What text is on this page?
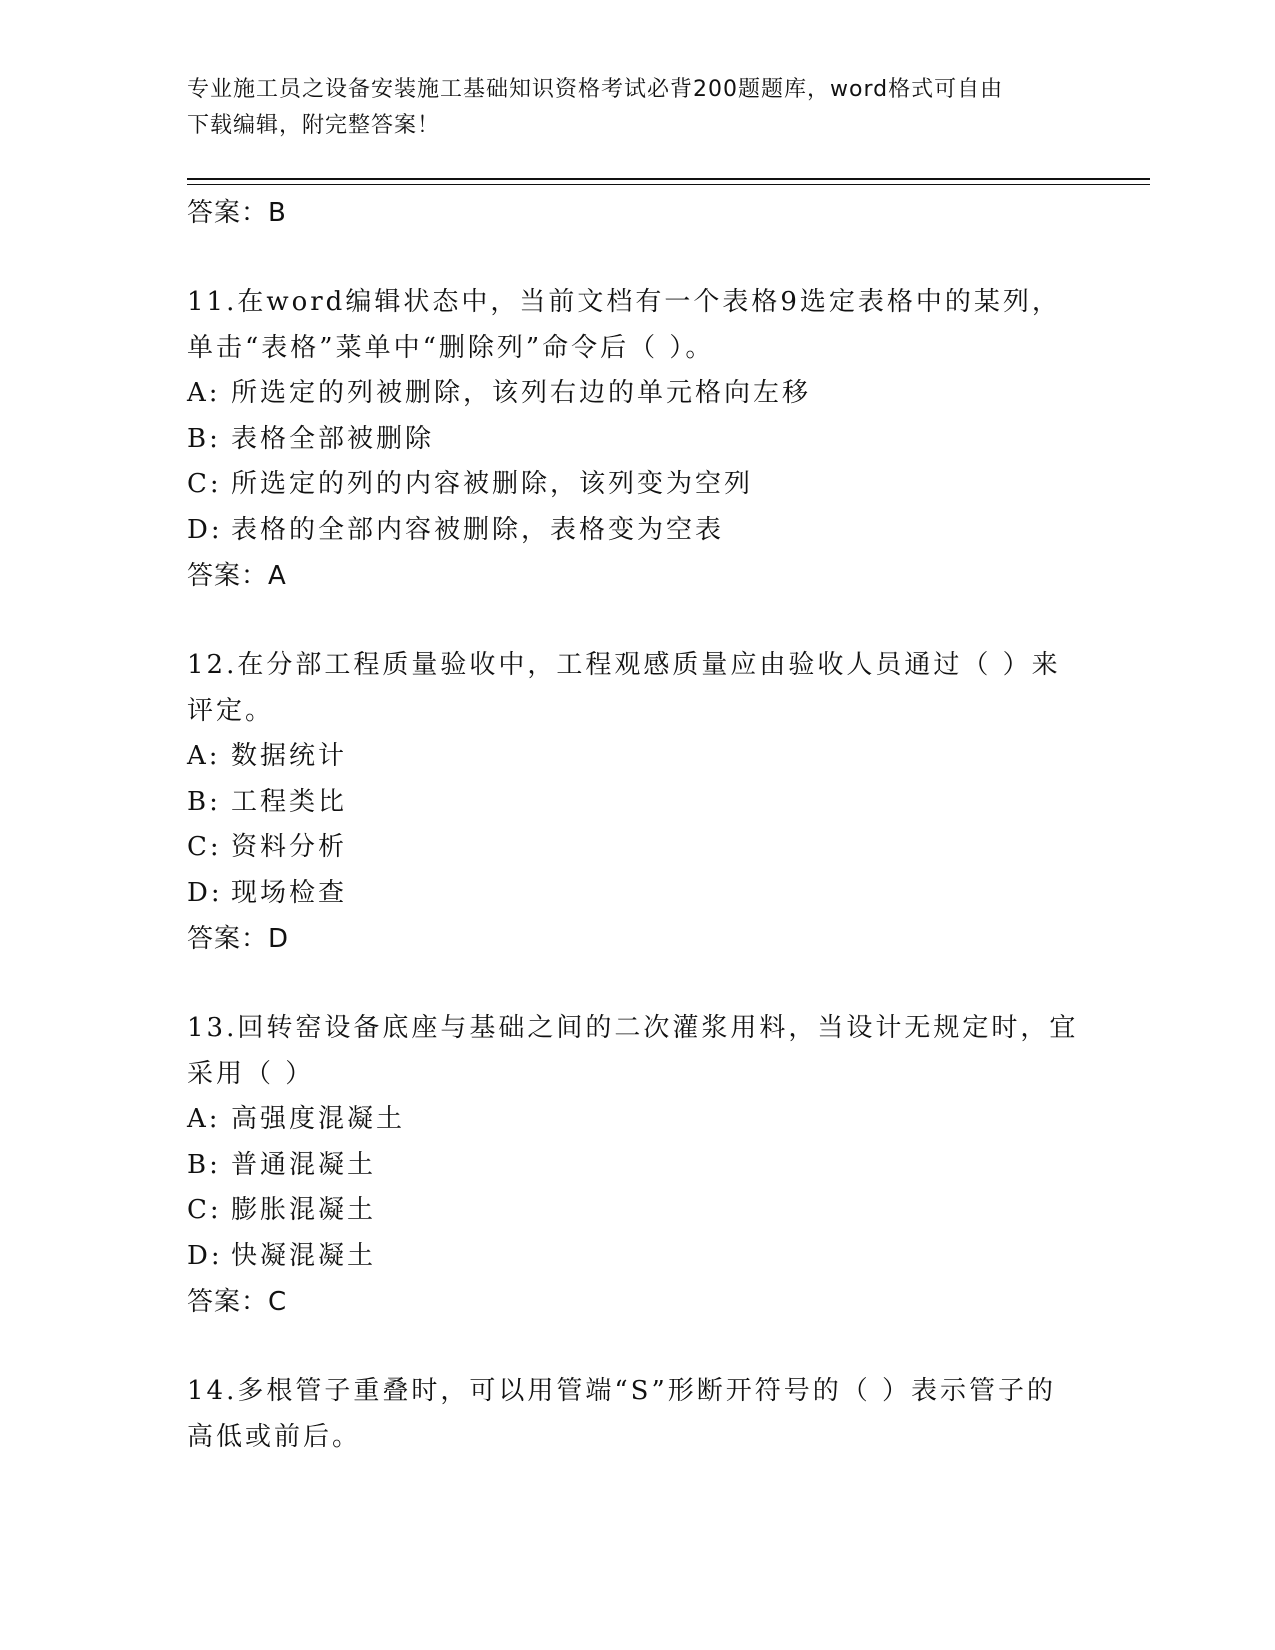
专业施工员之设备安装施工基础知识资格考试必背200题题库，word格式可自由
下载编辑，附完整答案！

答案：B

11.在word编辑状态中，当前文档有一个表格9选定表格中的某列，

单击“表格”菜单中“删除列”命令后（ ）。

A: 所选定的列被删除，该列右边的单元格向左移

B: 表格全部被删除

C: 所选定的列的内容被删除，该列变为空列

D: 表格的全部内容被删除，表格变为空表

答案：A

12.在分部工程质量验收中，工程观感质量应由验收人员通过（ ）来

评定。

A: 数据统计

B: 工程类比

C: 资料分析

D: 现场检查

答案：D

13.回转窑设备底座与基础之间的二次灌浆用料，当设计无规定时，宜

采用（ ）

A: 高强度混凝土

B: 普通混凝土

C: 膨胀混凝土

D: 快凝混凝土

答案：C

14.多根管子重叠时，可以用管端“S”形断开符号的（ ）表示管子的

高低或前后。
